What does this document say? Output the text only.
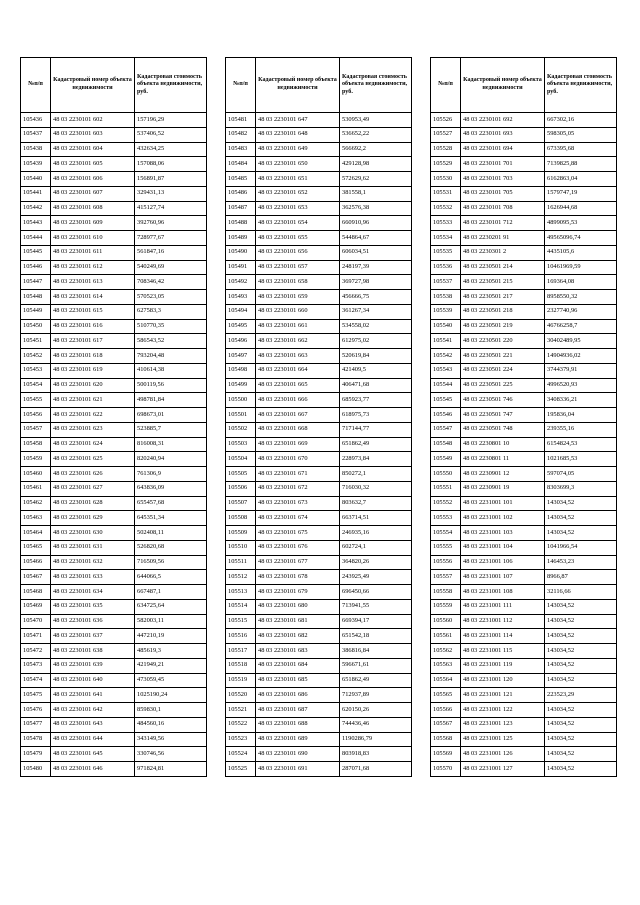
№п/п	Кадастровый номер объекта недвижимости	Кадастровая стоимость объекта недвижимости, руб.
105436	48 03 2230101 602	157196,29
105437	48 03 2230101 603	537406,52
105438	48 03 2230101 604	432634,25
105439	48 03 2230101 605	157088,06
105440	48 03 2230101 606	156891,87
105441	48 03 2230101 607	329431,13
105442	48 03 2230101 608	415127,74
105443	48 03 2230101 609	392760,96
105444	48 03 2230101 610	728977,67
105445	48 03 2230101 611	561847,16
105446	48 03 2230101 612	540249,69
105447	48 03 2230101 613	708346,42
105448	48 03 2230101 614	570523,05
105449	48 03 2230101 615	627583,3
105450	48 03 2230101 616	510770,35
105451	48 03 2230101 617	586543,52
105452	48 03 2230101 618	793204,48
105453	48 03 2230101 619	410614,38
105454	48 03 2230101 620	500119,56
105455	48 03 2230101 621	498781,84
105456	48 03 2230101 622	698673,01
105457	48 03 2230101 623	523885,7
105458	48 03 2230101 624	816008,31
105459	48 03 2230101 625	820240,94
105460	48 03 2230101 626	761306,9
105461	48 03 2230101 627	643836,09
105462	48 03 2230101 628	655457,68
105463	48 03 2230101 629	645351,34
105464	48 03 2230101 630	502408,11
105465	48 03 2230101 631	526820,68
105466	48 03 2230101 632	716509,56
105467	48 03 2230101 633	644066,5
105468	48 03 2230101 634	667487,1
105469	48 03 2230101 635	634725,64
105470	48 03 2230101 636	582003,11
105471	48 03 2230101 637	447210,19
105472	48 03 2230101 638	485619,3
105473	48 03 2230101 639	421949,21
105474	48 03 2230101 640	473059,45
105475	48 03 2230101 641	1025190,24
105476	48 03 2230101 642	859830,1
105477	48 03 2230101 643	484560,16
105478	48 03 2230101 644	343149,56
105479	48 03 2230101 645	330746,56
105480	48 03 2230101 646	971824,81
№п/п	Кадастровый номер объекта недвижимости	Кадастровая стоимость объекта недвижимости, руб.
105481	48 03 2230101 647	530953,49
105482	48 03 2230101 648	536652,22
105483	48 03 2230101 649	566692,2
105484	48 03 2230101 650	429128,98
105485	48 03 2230101 651	572629,62
105486	48 03 2230101 652	381558,1
105487	48 03 2230101 653	362576,38
105488	48 03 2230101 654	660910,96
105489	48 03 2230101 655	544864,67
105490	48 03 2230101 656	606034,51
105491	48 03 2230101 657	248197,39
105492	48 03 2230101 658	369727,98
105493	48 03 2230101 659	456666,75
105494	48 03 2230101 660	361267,34
105495	48 03 2230101 661	534558,02
105496	48 03 2230101 662	612975,02
105497	48 03 2230101 663	520619,84
105498	48 03 2230101 664	421409,5
105499	48 03 2230101 665	406471,68
105500	48 03 2230101 666	685923,77
105501	48 03 2230101 667	618975,73
105502	48 03 2230101 668	717144,77
105503	48 03 2230101 669	651862,49
105504	48 03 2230101 670	228973,84
105505	48 03 2230101 671	850272,1
105506	48 03 2230101 672	716030,32
105507	48 03 2230101 673	803632,7
105508	48 03 2230101 674	663714,51
105509	48 03 2230101 675	246935,16
105510	48 03 2230101 676	602724,1
105511	48 03 2230101 677	364820,26
105512	48 03 2230101 678	243925,49
105513	48 03 2230101 679	696450,66
105514	48 03 2230101 680	713941,55
105515	48 03 2230101 681	669394,17
105516	48 03 2230101 682	651542,18
105517	48 03 2230101 683	386816,84
105518	48 03 2230101 684	596671,61
105519	48 03 2230101 685	651862,49
105520	48 03 2230101 686	712937,89
105521	48 03 2230101 687	620150,26
105522	48 03 2230101 688	744436,46
105523	48 03 2230101 689	1190286,79
105524	48 03 2230101 690	803918,83
105525	48 03 2230101 691	287071,68
№п/п	Кадастровый номер объекта недвижимости	Кадастровая стоимость объекта недвижимости, руб.
105526	48 03 2230101 692	667302,16
105527	48 03 2230101 693	598305,05
105528	48 03 2230101 694	673395,68
105529	48 03 2230101 701	7139825,88
105530	48 03 2230101 703	6162863,04
105531	48 03 2230101 705	1579747,19
105532	48 03 2230101 708	1626944,68
105533	48 03 2230101 712	4899095,53
105534	48 03 2230201 91	49565096,74
105535	48 03 2230301 2	4435105,6
105536	48 03 2230501 214	10461969,59
105537	48 03 2230501 215	169364,08
105538	48 03 2230501 217	8958550,32
105539	48 03 2230501 218	2327740,96
105540	48 03 2230501 219	46766258,7
105541	48 03 2230501 220	30402489,95
105542	48 03 2230501 221	14904936,02
105543	48 03 2230501 224	3744379,91
105544	48 03 2230501 225	4996520,93
105545	48 03 2230501 746	3408336,21
105546	48 03 2230501 747	195836,04
105547	48 03 2230501 748	239355,16
105548	48 03 2230801 10	6154824,53
105549	48 03 2230801 11	1021685,53
105550	48 03 2230901 12	597074,05
105551	48 03 2230901 19	8303699,3
105552	48 03 2231001 101	143034,52
105553	48 03 2231001 102	143034,52
105554	48 03 2231001 103	143034,52
105555	48 03 2231001 104	1041966,54
105556	48 03 2231001 106	146453,23
105557	48 03 2231001 107	8966,87
105558	48 03 2231001 108	32116,66
105559	48 03 2231001 111	143034,52
105560	48 03 2231001 112	143034,52
105561	48 03 2231001 114	143034,52
105562	48 03 2231001 115	143034,52
105563	48 03 2231001 119	143034,52
105564	48 03 2231001 120	143034,52
105565	48 03 2231001 121	223523,29
105566	48 03 2231001 122	143034,52
105567	48 03 2231001 123	143034,52
105568	48 03 2231001 125	143034,52
105569	48 03 2231001 126	143034,52
105570	48 03 2231001 127	143034,52
